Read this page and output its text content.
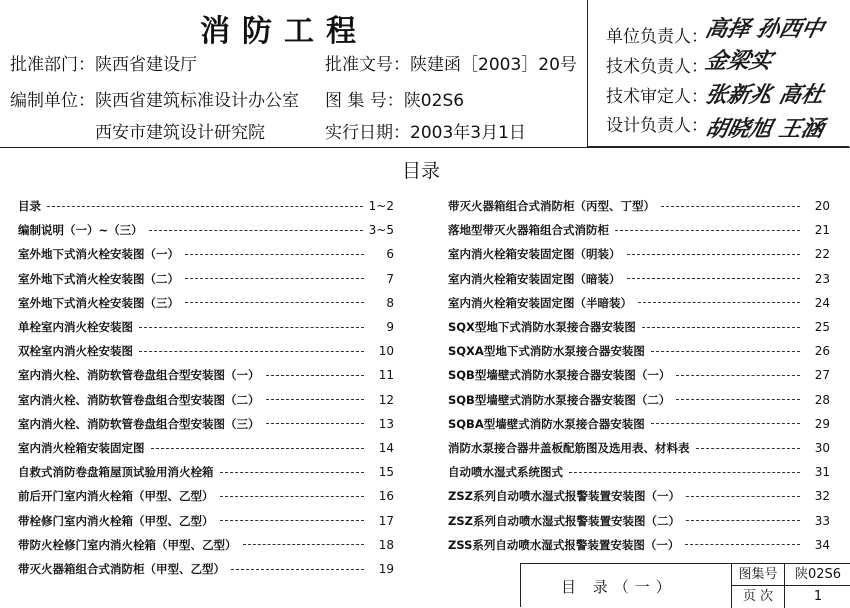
消防工程
批准部门：陕西省建设厅
编制单位：陕西省建筑标准设计办公室
西安市建筑设计研究院
批准文号：陕建函［2003］20号
图 集 号：陕02S6
实行日期：2003年3月1日
单位负责人：
高择 孙西中
技术负责人：
金梁实
技术审定人：
张新兆 高杜
设计负责人：
胡晓旭 王涵
目录
目录	1~2
编制说明（一）~（三）	3~5
室外地下式消火栓安装图（一）	6
室外地下式消火栓安装图（二）	7
室外地下式消火栓安装图（三）	8
单栓室内消火栓安装图	9
双栓室内消火栓安装图	10
室内消火栓、消防软管卷盘组合型安装图（一）	11
室内消火栓、消防软管卷盘组合型安装图（二）	12
室内消火栓、消防软管卷盘组合型安装图（三）	13
室内消火栓箱安装固定图	14
自救式消防卷盘箱屋顶试验用消火栓箱	15
前后开门室内消火栓箱（甲型、乙型）	16
带栓修门室内消火栓箱（甲型、乙型）	17
带防火栓修门室内消火栓箱（甲型、乙型）	18
带灭火器箱组合式消防柜（甲型、乙型）	19
带灭火器箱组合式消防柜（丙型、丁型）	20
落地型带灭火器箱组合式消防柜	21
室内消火栓箱安装固定图（明装）	22
室内消火栓箱安装固定图（暗装）	23
室内消火栓箱安装固定图（半暗装）	24
SQX型地下式消防水泵接合器安装图	25
SQXA型地下式消防水泵接合器安装图	26
SQB型墙壁式消防水泵接合器安装图（一）	27
SQB型墙壁式消防水泵接合器安装图（二）	28
SQBA型墙壁式消防水泵接合器安装图	29
消防水泵接合器井盖板配筋图及选用表、材料表	30
自动喷水湿式系统图式	31
ZSZ系列自动喷水湿式报警装置安装图（一）	32
ZSZ系列自动喷水湿式报警装置安装图（二）	33
ZSS系列自动喷水湿式报警装置安装图（一）	34
目 录（一）
图集号	陕02S6
页 次	1
